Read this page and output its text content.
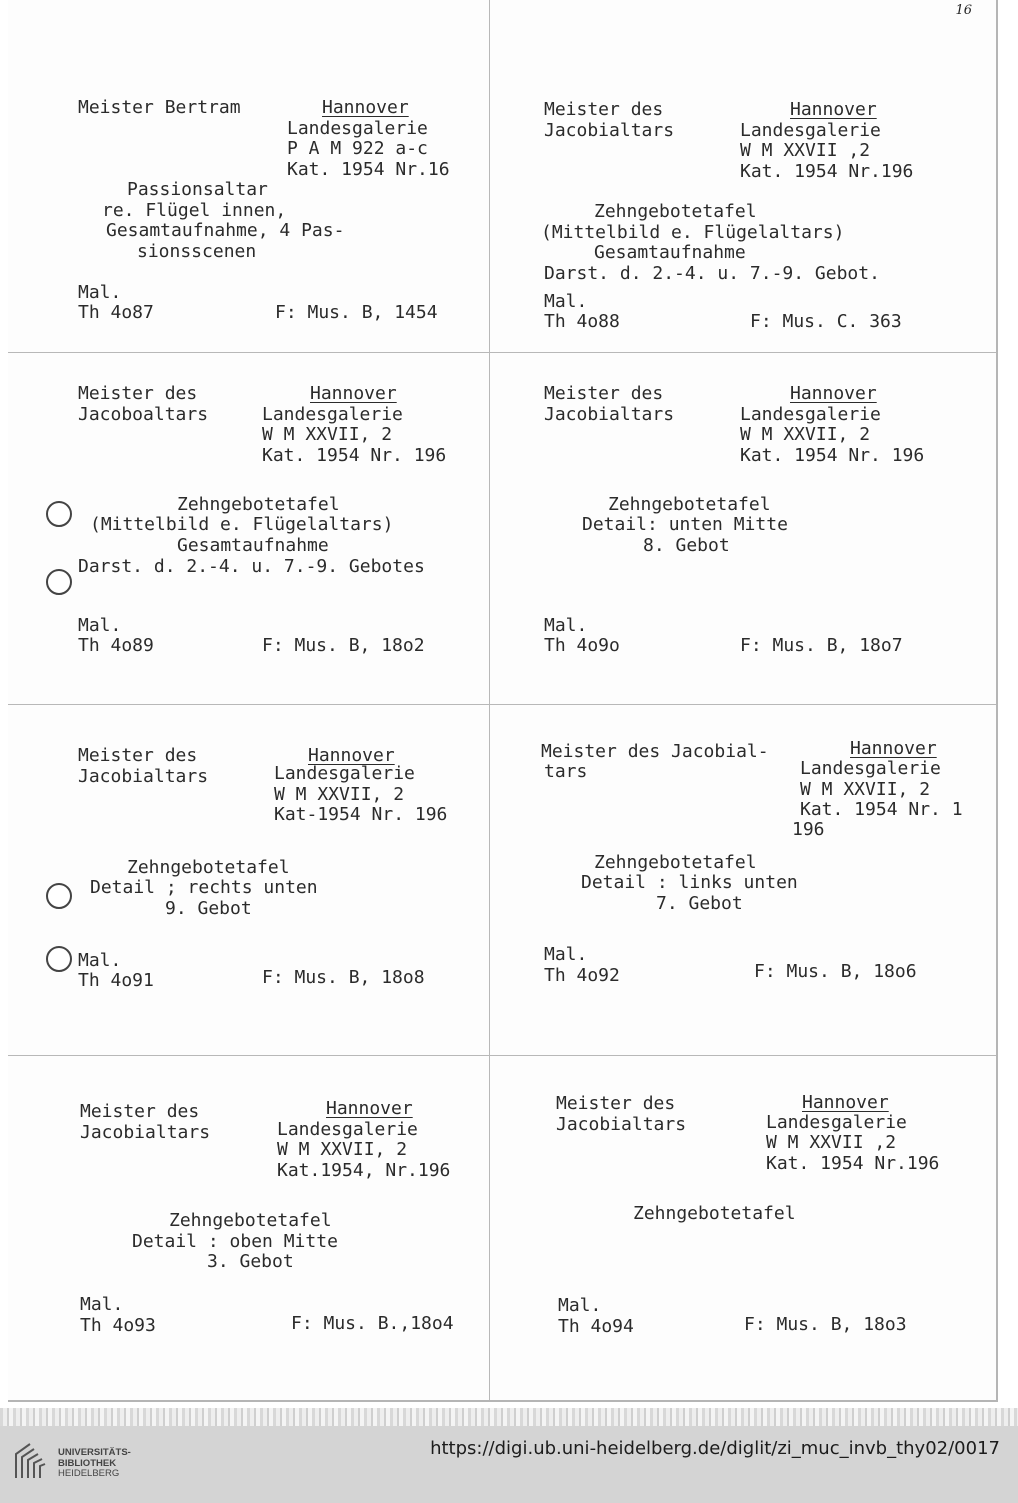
16
Meister Bertram	Hannover
Landesgalerie
P A M 922 a-c
Kat. 1954 Nr.16
Passionsaltar
re. Flügel innen,
Gesamtaufnahme, 4 Pas-
sionsscenen
Mal.
Th 4o87	F: Mus. B, 1454
Meister des	Hannover
Jacobialtars	Landesgalerie
W M XXVII ,2
Kat. 1954 Nr.196
Zehngebotetafel
(Mittelbild e. Flügelaltars)
Gesamtaufnahme
Darst. d. 2.-4. u. 7.-9. Gebot.
Mal.
Th 4o88	F: Mus. C. 363
Meister des	Hannover
Jacoboaltars	Landesgalerie
W M XXVII, 2
Kat. 1954 Nr. 196
Zehngebotetafel
(Mittelbild e. Flügelaltars)
Gesamtaufnahme
Darst. d. 2.-4. u. 7.-9. Gebotes
Mal.
Th 4o89	F: Mus. B, 18o2
Meister des	Hannover
Jacobialtars	Landesgalerie
W M XXVII, 2
Kat. 1954 Nr. 196
Zehngebotetafel
Detail: unten Mitte
8. Gebot
Mal.
Th 4o9o	F: Mus. B, 18o7
Meister des	Hannover
Jacobialtars	Landesgalerie
W M XXVII, 2
Kat-1954 Nr. 196
Zehngebotetafel
Detail ; rechts unten
9. Gebot
Mal.
Th 4o91	F: Mus. B, 18o8
Meister des Jacobial-	Hannover
tars	Landesgalerie
W M XXVII, 2
Kat. 1954 Nr. 1
196
Zehngebotetafel
Detail : links unten
7. Gebot
Mal.
Th 4o92	F: Mus. B, 18o6
Meister des	Hannover
Jacobialtars	Landesgalerie
W M XXVII, 2
Kat.1954, Nr.196
Zehngebotetafel
Detail : oben Mitte
3. Gebot
Mal.
Th 4o93	F: Mus. B.,18o4
Meister des	Hannover
Jacobialtars	Landesgalerie
W M XXVII ,2
Kat. 1954 Nr.196
Zehngebotetafel
Mal.
Th 4o94	F: Mus. B, 18o3
UNIVERSITÄTS-
BIBLIOTHEK
HEIDELBERG
https://digi.ub.uni-heidelberg.de/diglit/zi_muc_invb_thy02/0017
